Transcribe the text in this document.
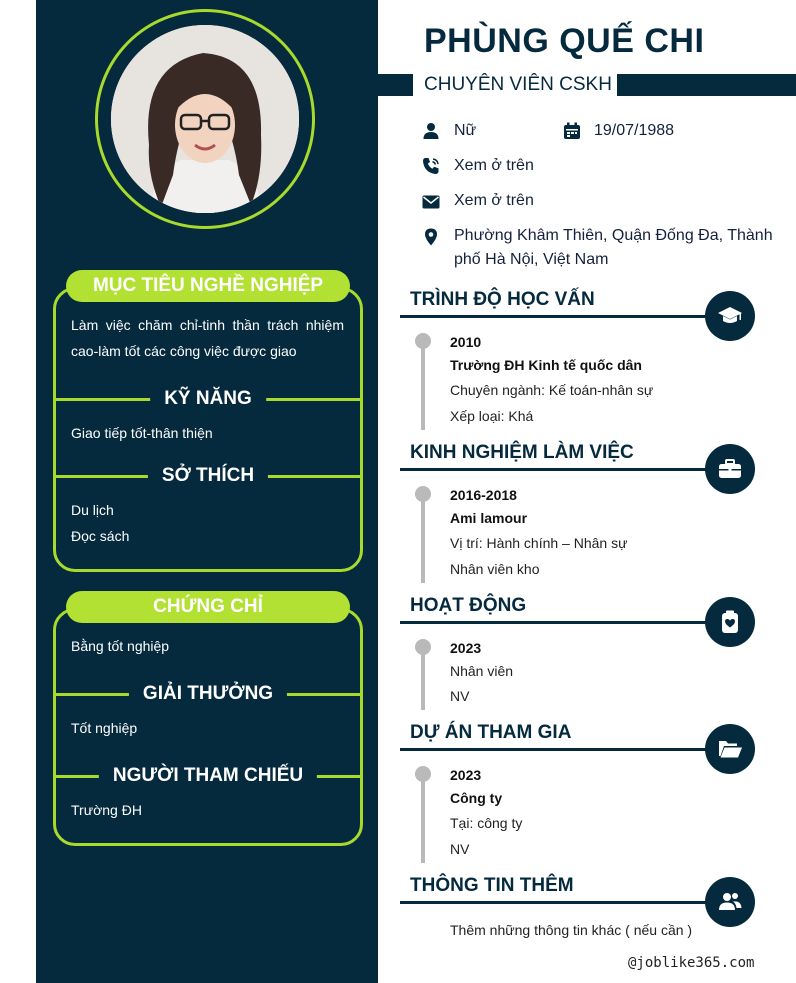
MỤC TIÊU NGHỀ NGHIỆP
Làm việc chăm chỉ-tinh thần trách nhiệm cao-làm tốt các công việc được giao
KỸ NĂNG
Giao tiếp tốt-thân thiện
SỞ THÍCH
Du lịch
Đọc sách
CHỨNG CHỈ
Bằng tốt nghiệp
GIẢI THƯỞNG
Tốt nghiệp
NGƯỜI THAM CHIẾU
Trường ĐH
PHÙNG QUẾ CHI
CHUYÊN VIÊN CSKH
Nữ	19/07/1988
Xem ở trên
Xem ở trên
Phường Khâm Thiên, Quận Đống Đa, Thành
phố Hà Nội, Việt Nam
TRÌNH ĐỘ HỌC VẤN
2010
Trường ĐH Kinh tế quốc dân
Chuyên ngành: Kế toán-nhân sự
Xếp loại: Khá
KINH NGHIỆM LÀM VIỆC
2016-2018
Ami lamour
Vị trí: Hành chính – Nhân sự
Nhân viên kho
HOẠT ĐỘNG
2023
Nhân viên
NV
DỰ ÁN THAM GIA
2023
Công ty
Tại: công ty
NV
THÔNG TIN THÊM
Thêm những thông tin khác ( nếu cần )
@joblike365.com
